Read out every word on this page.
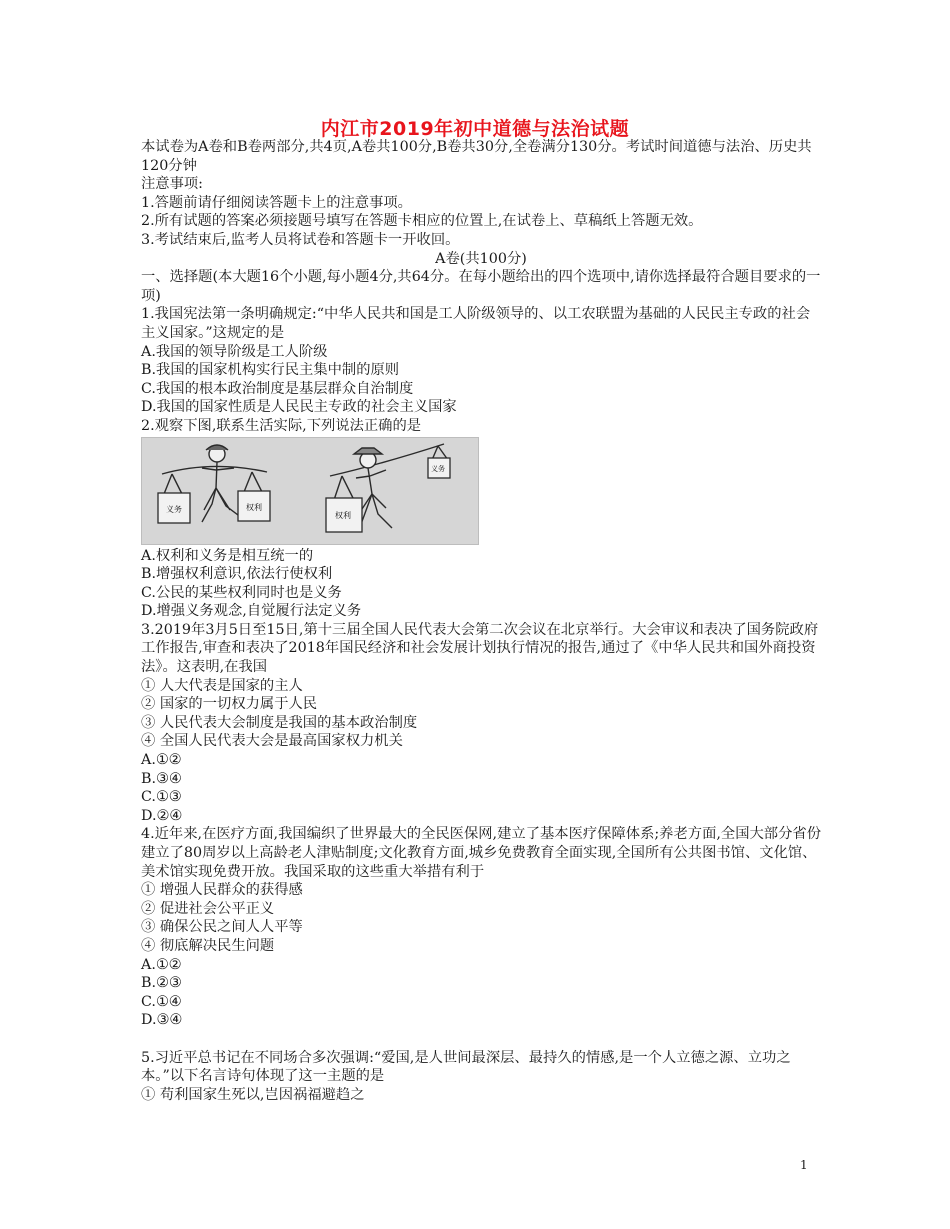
内江市2019年初中道德与法治试题

本试卷为A卷和B卷两部分,共4页,A卷共100分,B卷共30分,全卷满分130分。考试时间道德与法治、历史共120分钟

注意事项:

1.答题前请仔细阅读答题卡上的注意事项。

2.所有试题的答案必须接题号填写在答题卡相应的位置上,在试卷上、草稿纸上答题无效。

3.考试结束后,监考人员将试卷和答题卡一开收回。

A卷(共100分)

一、选择题(本大题16个小题,每小题4分,共64分。在每小题给出的四个选项中,请你选择最符合题目要求的一项)

1.我国宪法第一条明确规定:“中华人民共和国是工人阶级领导的、以工农联盟为基础的人民民主专政的社会主义国家。”这规定的是

A.我国的领导阶级是工人阶级

B.我国的国家机构实行民主集中制的原则

C.我国的根本政治制度是基层群众自治制度

D.我国的国家性质是人民民主专政的社会主义国家

2.观察下图,联系生活实际,下列说法正确的是

义务	权利
权利
义务

A.权利和义务是相互统一的

B.增强权利意识,依法行使权利

C.公民的某些权利同时也是义务

D.增强义务观念,自觉履行法定义务

3.2019年3月5日至15日,第十三届全国人民代表大会第二次会议在北京举行。大会审议和表决了国务院政府工作报告,审查和表决了2018年国民经济和社会发展计划执行情况的报告,通过了《中华人民共和国外商投资法》。这表明,在我国

① 人大代表是国家的主人

② 国家的一切权力属于人民

③ 人民代表大会制度是我国的基本政治制度

④ 全国人民代表大会是最高国家权力机关

A.①②

B.③④

C.①③

D.②④

4.近年来,在医疗方面,我国编织了世界最大的全民医保网,建立了基本医疗保障体系;养老方面,全国大部分省份建立了80周岁以上高龄老人津贴制度;文化教育方面,城乡免费教育全面实现,全国所有公共图书馆、文化馆、美术馆实现免费开放。我国采取的这些重大举措有利于

① 增强人民群众的获得感

② 促进社会公平正义

③ 确保公民之间人人平等

④ 彻底解决民生问题

A.①②

B.②③

C.①④

D.③④

5.习近平总书记在不同场合多次强调:“爱国,是人世间最深层、最持久的情感,是一个人立德之源、立功之本。”以下名言诗句体现了这一主题的是

① 苟利国家生死以,岂因祸福避趋之

1
